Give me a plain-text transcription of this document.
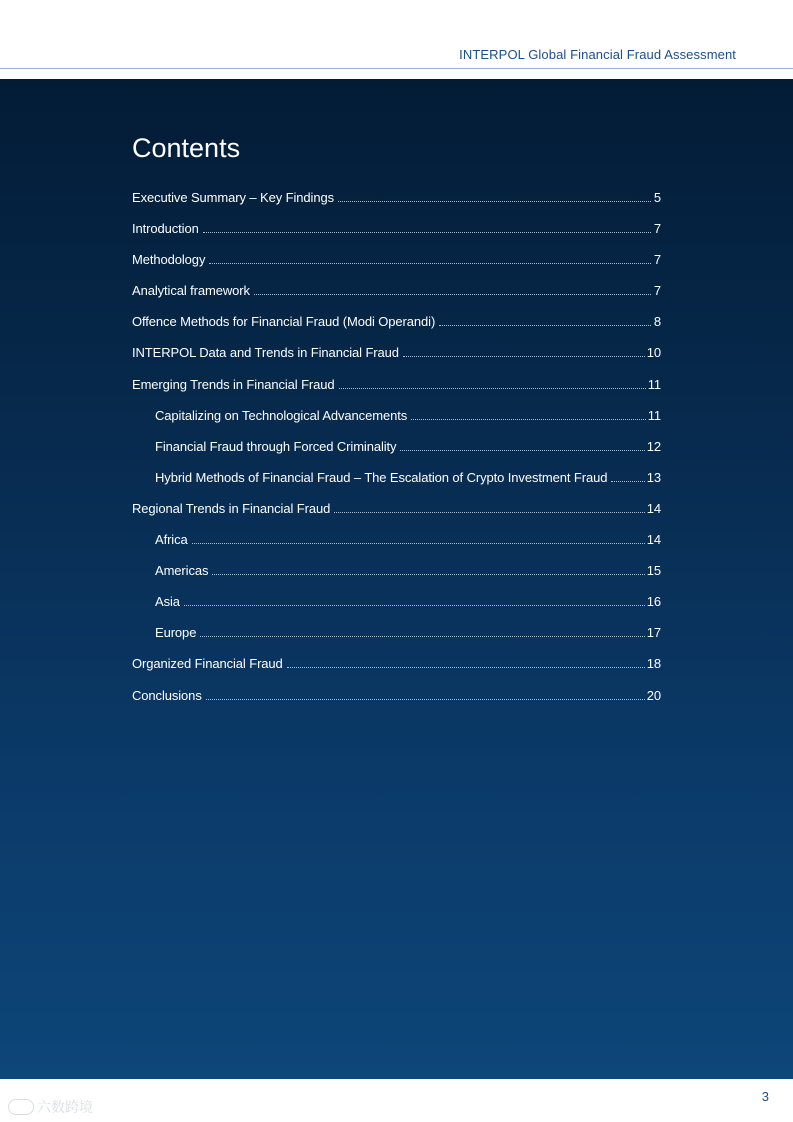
INTERPOL Global Financial Fraud Assessment
Contents
Executive Summary – Key Findings	5
Introduction	7
Methodology	7
Analytical framework	7
Offence Methods for Financial Fraud (Modi Operandi)	8
INTERPOL Data and Trends in Financial Fraud	10
Emerging Trends in Financial Fraud	11
Capitalizing on Technological Advancements	11
Financial Fraud through Forced Criminality	12
Hybrid Methods of Financial Fraud – The Escalation of Crypto Investment Fraud	13
Regional Trends in Financial Fraud	14
Africa	14
Americas	15
Asia	16
Europe	17
Organized Financial Fraud	18
Conclusions	20
六数跨境
3
